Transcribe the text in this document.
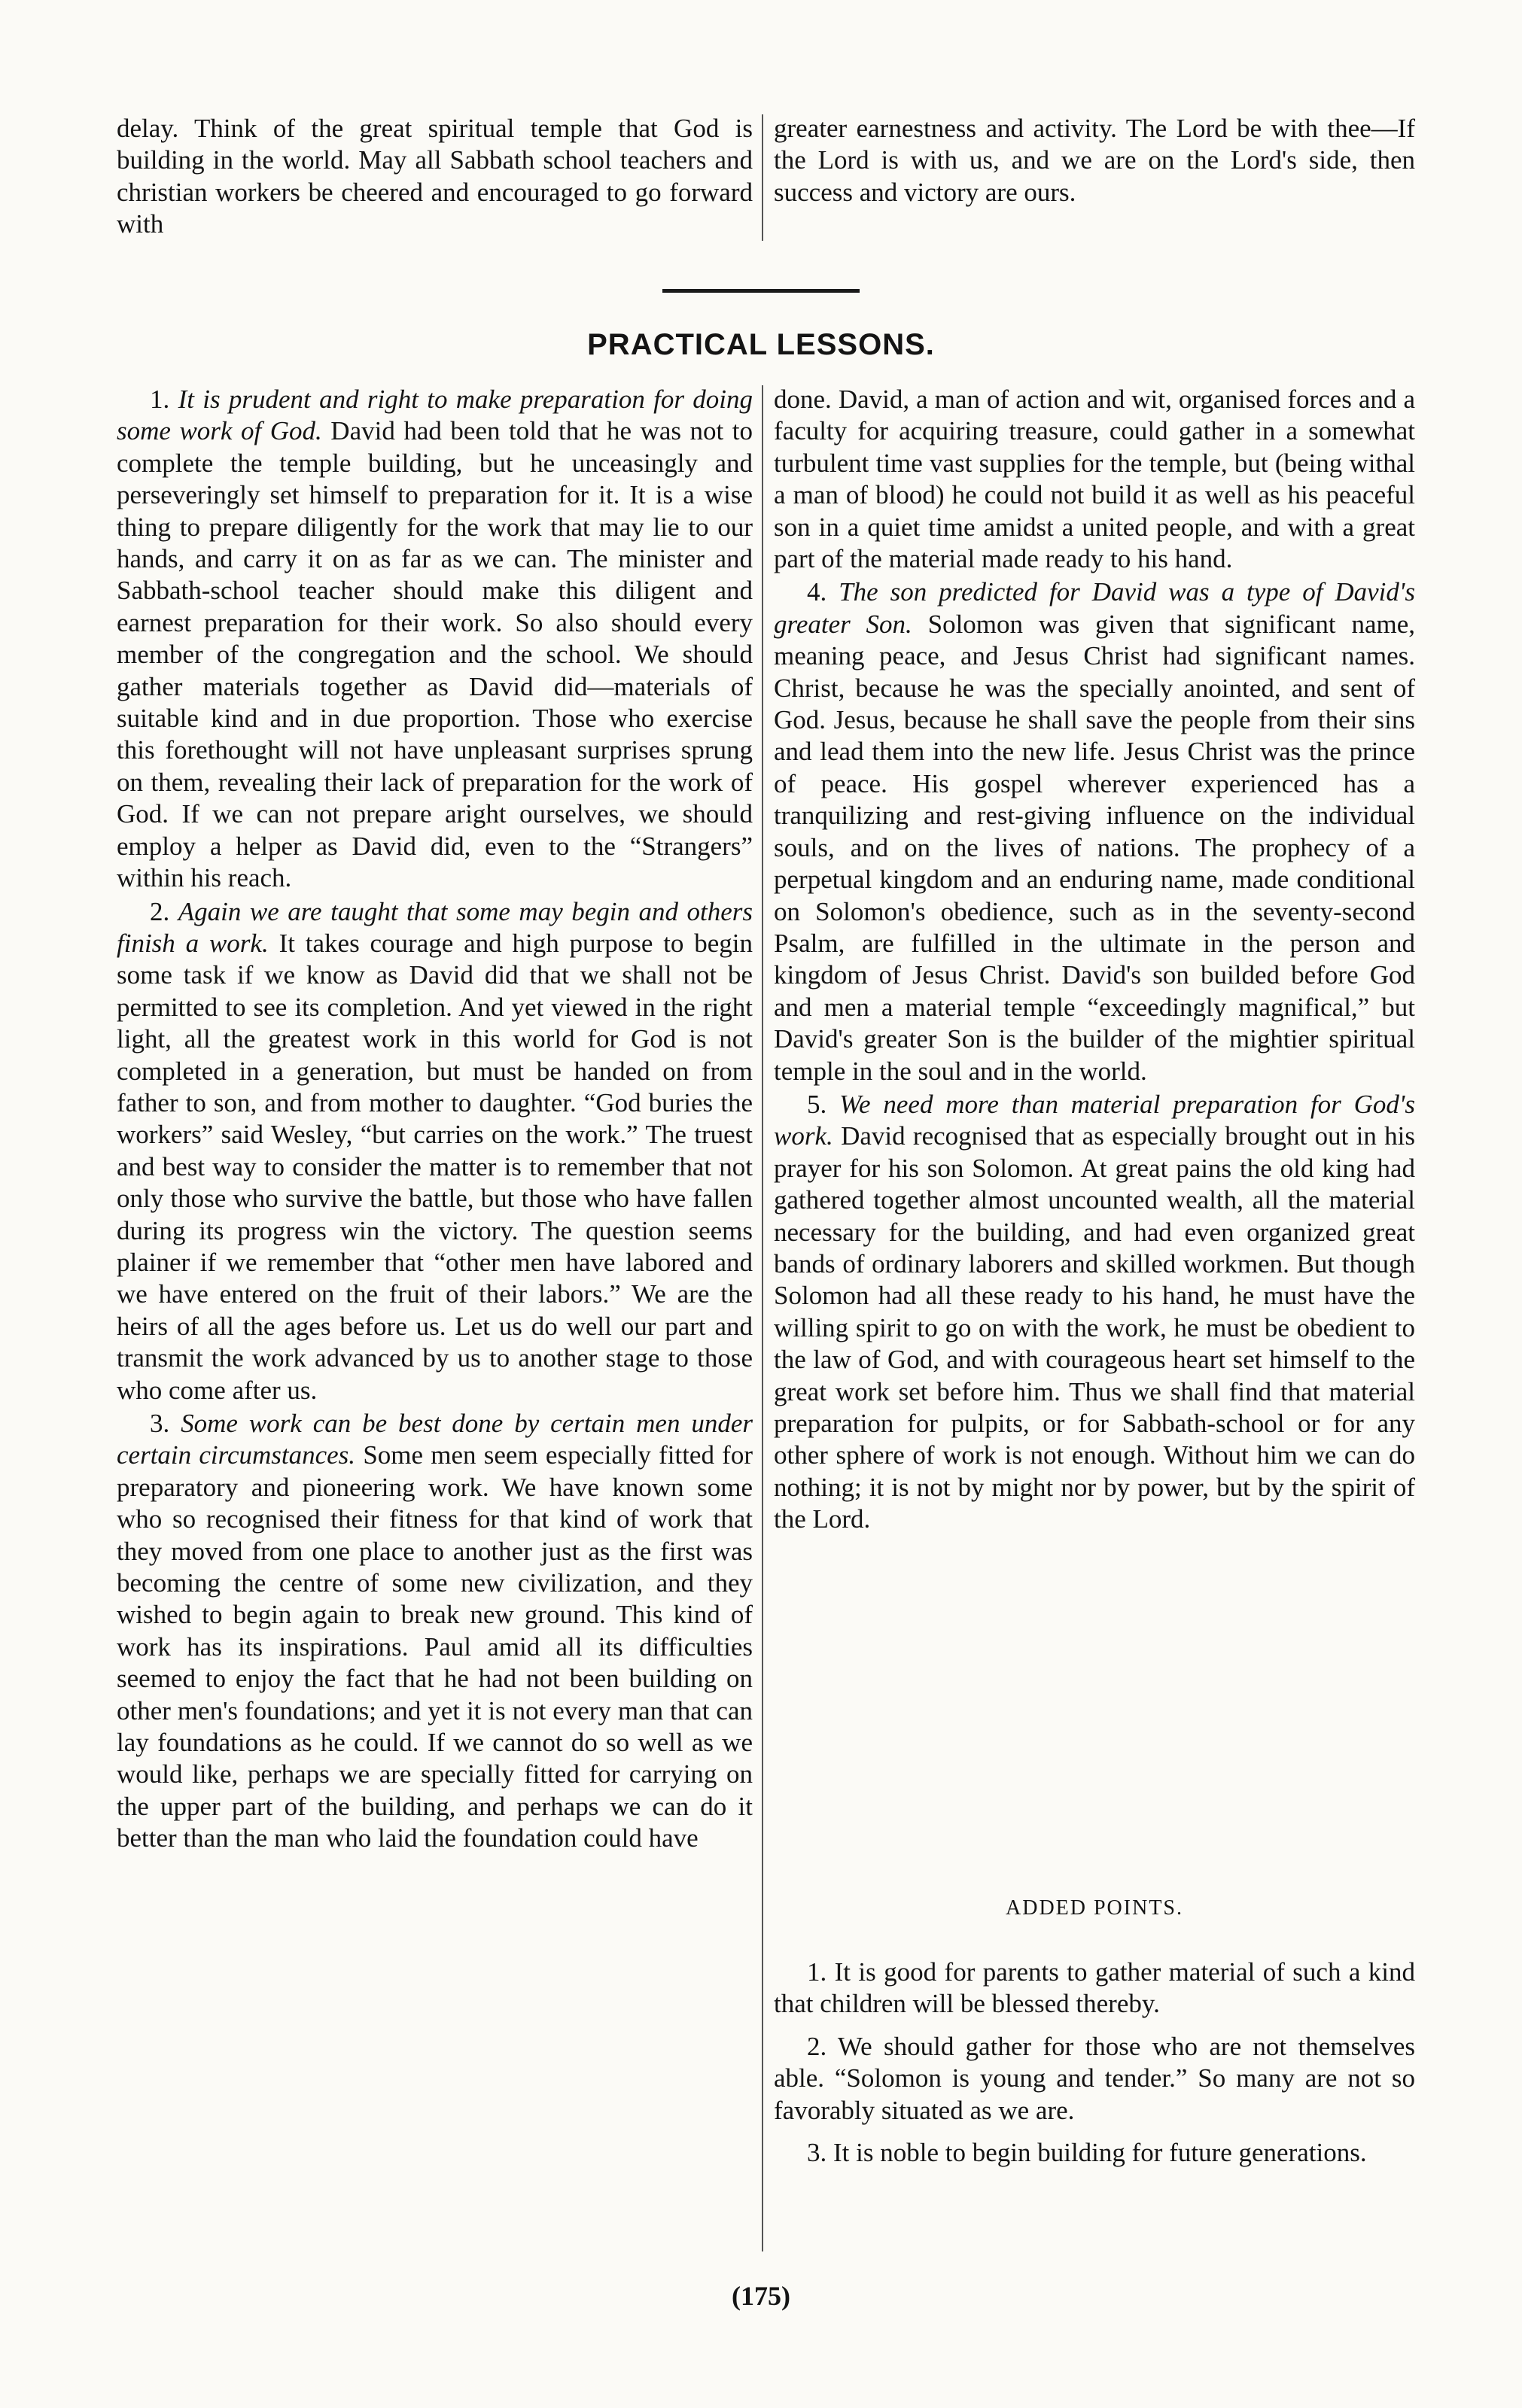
delay. Think of the great spiritual temple that God is building in the world. May all Sabbath school teachers and christian workers be cheered and encouraged to go forward with

greater earnestness and activity. The Lord be with thee—If the Lord is with us, and we are on the Lord's side, then success and victory are ours.

PRACTICAL LESSONS.

1. It is prudent and right to make preparation for doing some work of God. David had been told that he was not to complete the temple building, but he unceasingly and perseveringly set himself to preparation for it. It is a wise thing to prepare diligently for the work that may lie to our hands, and carry it on as far as we can. The minister and Sabbath-school teacher should make this diligent and earnest preparation for their work. So also should every member of the congregation and the school. We should gather materials together as David did—materials of suitable kind and in due proportion. Those who exercise this forethought will not have unpleasant surprises sprung on them, revealing their lack of preparation for the work of God. If we can not prepare aright ourselves, we should employ a helper as David did, even to the “Strangers” within his reach.

2. Again we are taught that some may begin and others finish a work. It takes courage and high purpose to begin some task if we know as David did that we shall not be permitted to see its completion. And yet viewed in the right light, all the greatest work in this world for God is not completed in a generation, but must be handed on from father to son, and from mother to daughter. “God buries the workers” said Wesley, “but carries on the work.” The truest and best way to consider the matter is to remember that not only those who survive the battle, but those who have fallen during its progress win the victory. The question seems plainer if we remember that “other men have labored and we have entered on the fruit of their labors.” We are the heirs of all the ages before us. Let us do well our part and transmit the work advanced by us to another stage to those who come after us.

3. Some work can be best done by certain men under certain circumstances. Some men seem especially fitted for preparatory and pioneering work. We have known some who so recognised their fitness for that kind of work that they moved from one place to another just as the first was becoming the centre of some new civilization, and they wished to begin again to break new ground. This kind of work has its inspirations. Paul amid all its difficulties seemed to enjoy the fact that he had not been building on other men's foundations; and yet it is not every man that can lay foundations as he could. If we cannot do so well as we would like, perhaps we are specially fitted for carrying on the upper part of the building, and perhaps we can do it better than the man who laid the foundation could have

done. David, a man of action and wit, organised forces and a faculty for acquiring treasure, could gather in a somewhat turbulent time vast supplies for the temple, but (being withal a man of blood) he could not build it as well as his peaceful son in a quiet time amidst a united people, and with a great part of the material made ready to his hand.

4. The son predicted for David was a type of David's greater Son. Solomon was given that significant name, meaning peace, and Jesus Christ had significant names. Christ, because he was the specially anointed, and sent of God. Jesus, because he shall save the people from their sins and lead them into the new life. Jesus Christ was the prince of peace. His gospel wherever experienced has a tranquilizing and rest-giving influence on the individual souls, and on the lives of nations. The prophecy of a perpetual kingdom and an enduring name, made conditional on Solomon's obedience, such as in the seventy-second Psalm, are fulfilled in the ultimate in the person and kingdom of Jesus Christ. David's son builded before God and men a material temple “exceedingly magnifical,” but David's greater Son is the builder of the mightier spiritual temple in the soul and in the world.

5. We need more than material preparation for God's work. David recognised that as especially brought out in his prayer for his son Solomon. At great pains the old king had gathered together almost uncounted wealth, all the material necessary for the building, and had even organized great bands of ordinary laborers and skilled workmen. But though Solomon had all these ready to his hand, he must have the willing spirit to go on with the work, he must be obedient to the law of God, and with courageous heart set himself to the great work set before him. Thus we shall find that material preparation for pulpits, or for Sabbath-school or for any other sphere of work is not enough. Without him we can do nothing; it is not by might nor by power, but by the spirit of the Lord.

ADDED POINTS.

1. It is good for parents to gather material of such a kind that children will be blessed thereby.

2. We should gather for those who are not themselves able. “Solomon is young and tender.” So many are not so favorably situated as we are.

3. It is noble to begin building for future generations.

(175)
